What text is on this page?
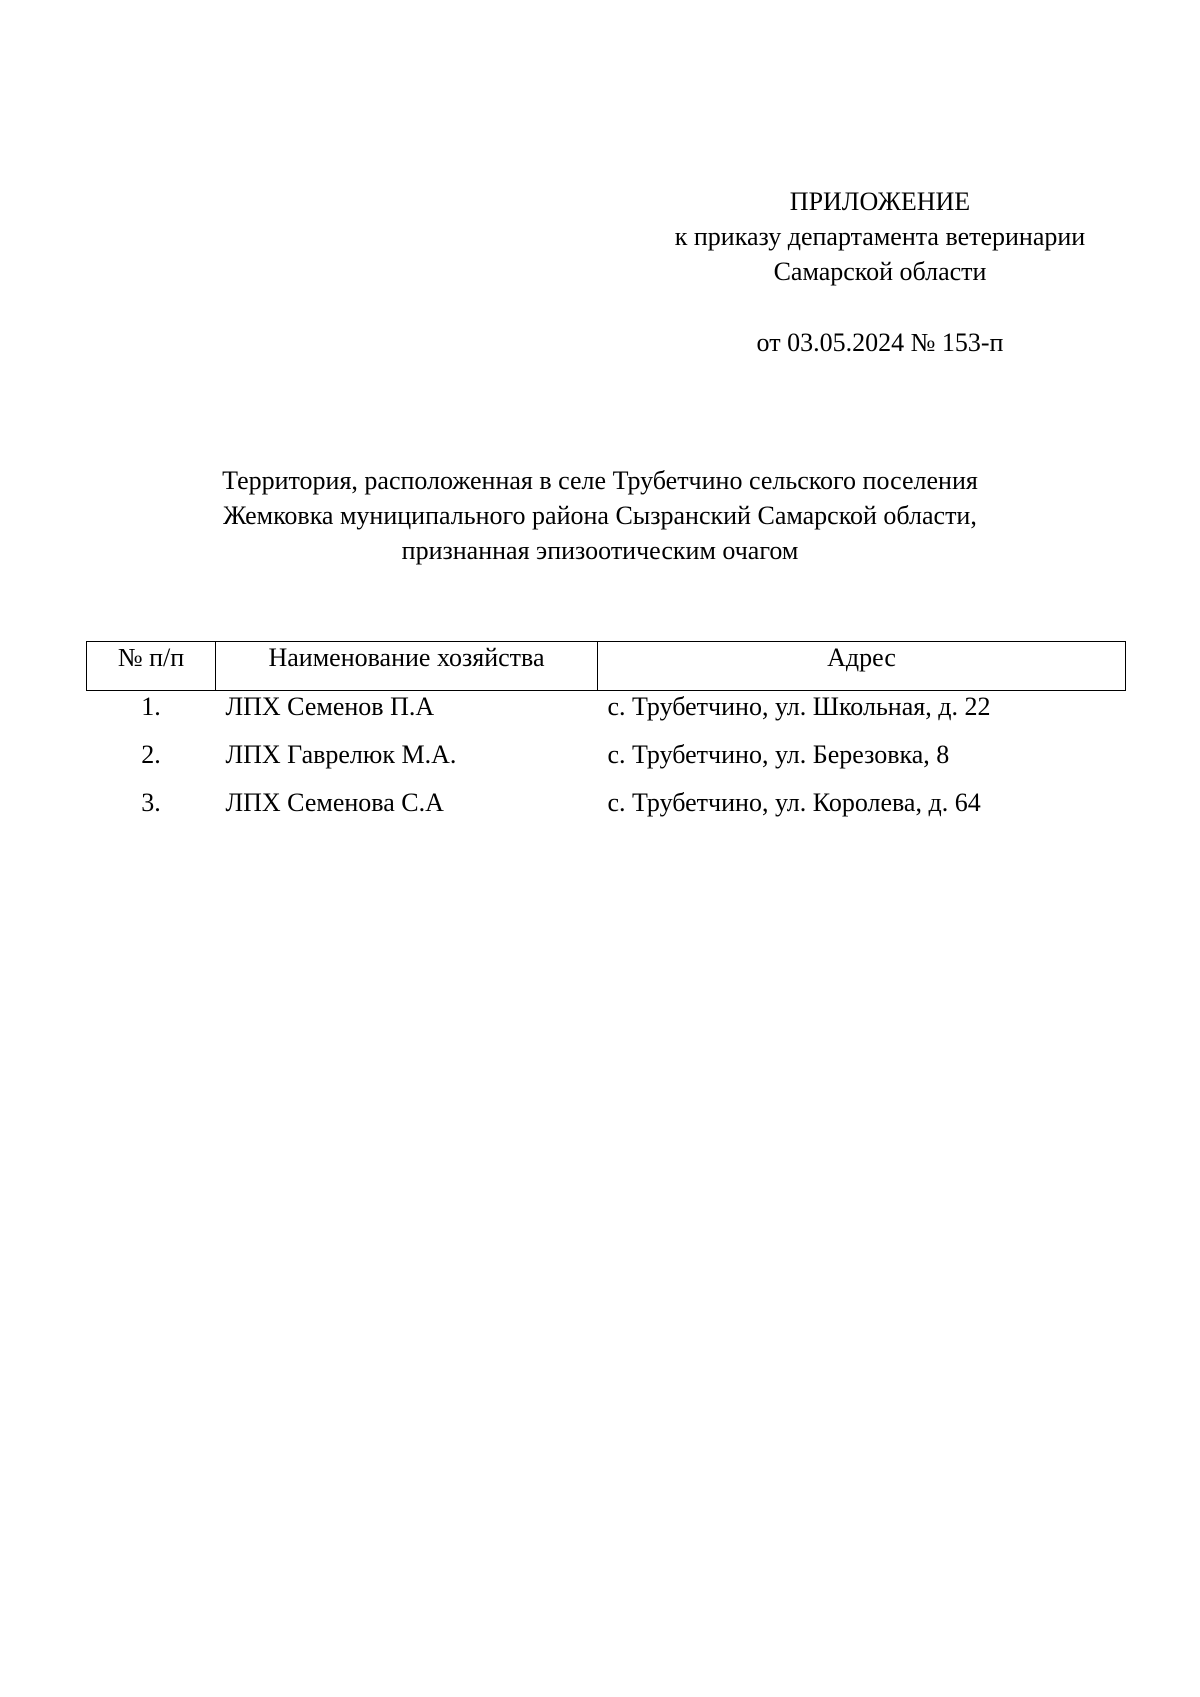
ПРИЛОЖЕНИЕ
к приказу департамента ветеринарии
Самарской области
от 03.05.2024 № 153-п
Территория, расположенная в селе Трубетчино сельского поселения
Жемковка муниципального района Сызранский Самарской области,
признанная эпизоотическим очагом
№ п/п	Наименование хозяйства	Адрес
1.	ЛПХ Семенов П.А	с. Трубетчино, ул. Школьная, д. 22
2.	ЛПХ Гаврелюк М.А.	с. Трубетчино, ул. Березовка, 8
3.	ЛПХ Семенова С.А	с. Трубетчино, ул. Королева, д. 64
